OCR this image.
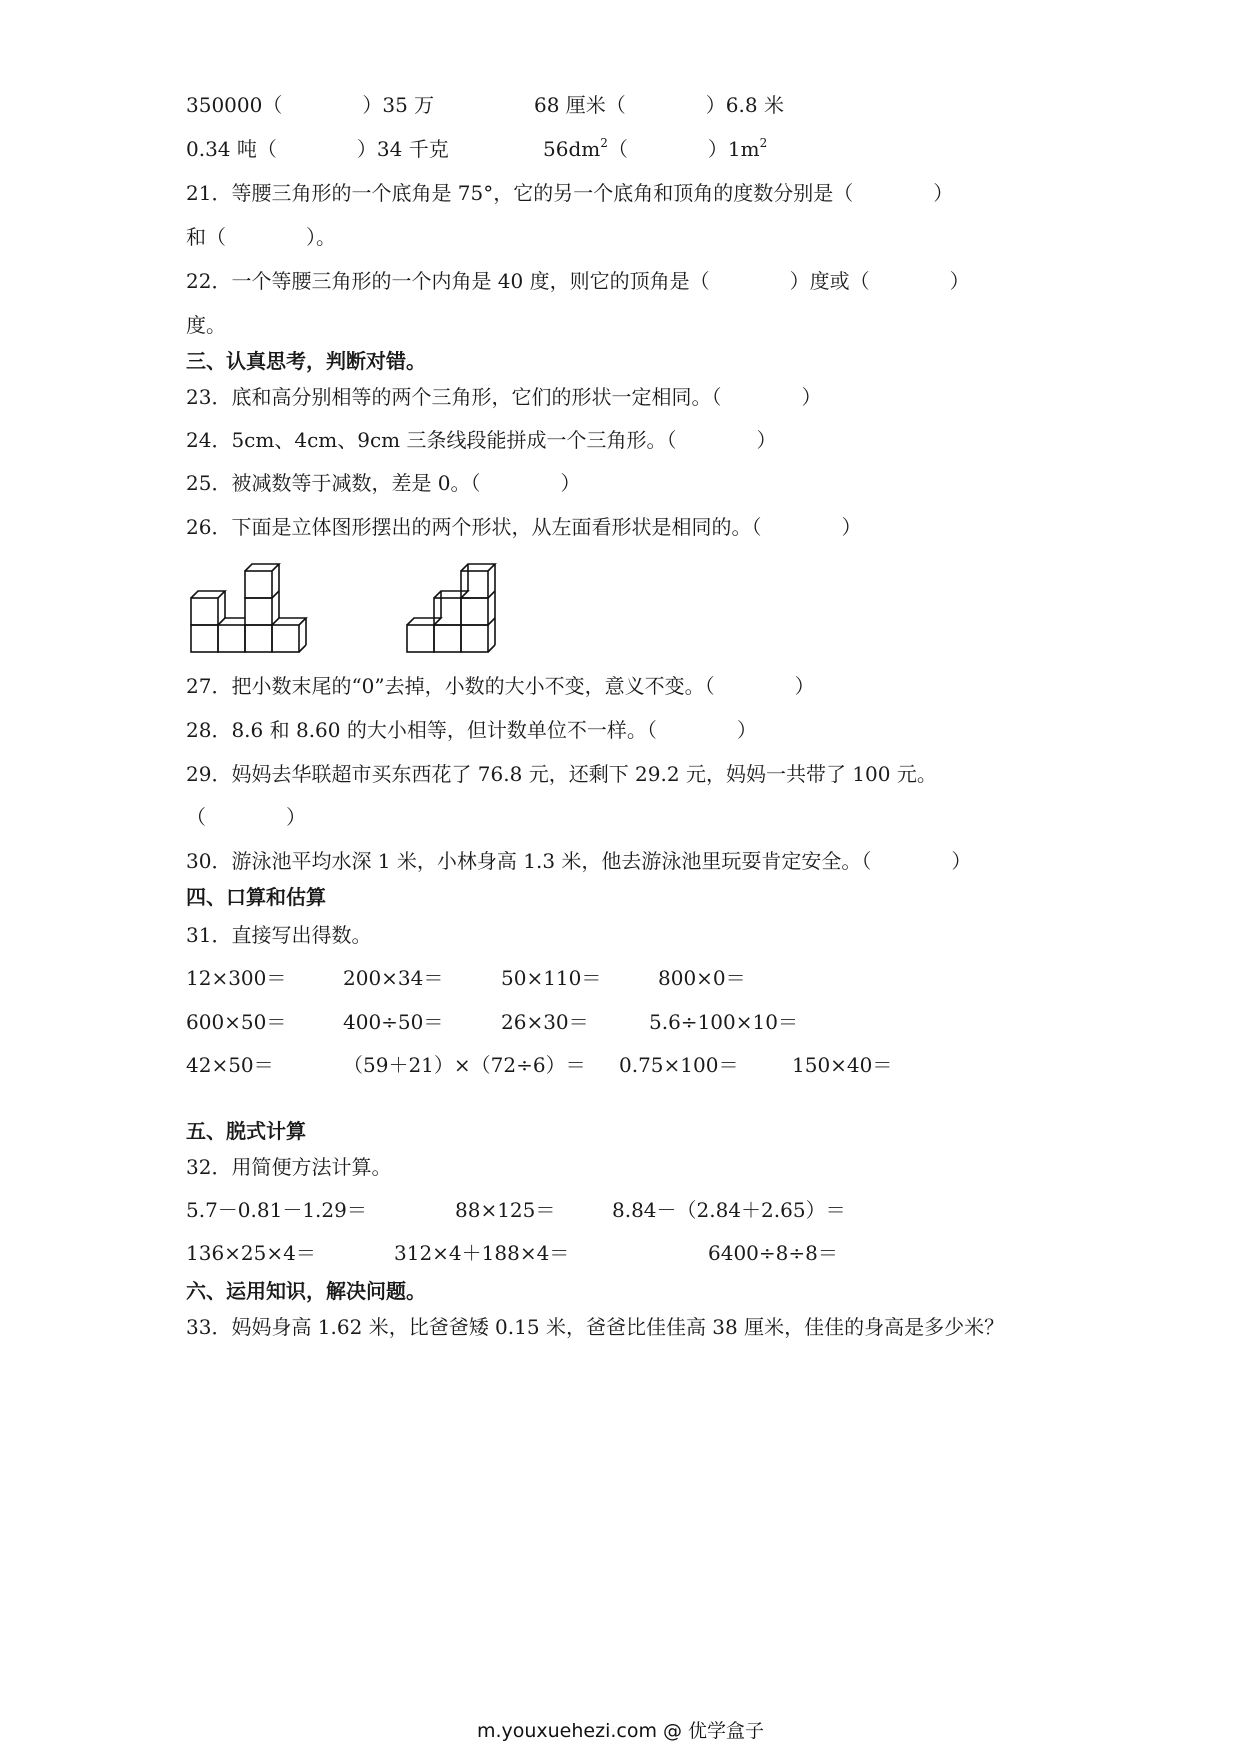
350000（　　　　）35 万	68 厘米（　　　　）6.8 米
0.34 吨（　　　　）34 千克	$56dm^2$（　　　　）$1m^2$
21．等腰三角形的一个底角是 75°，它的另一个底角和顶角的度数分别是（　　　　）
和（　　　　）。
22．一个等腰三角形的一个内角是 40 度，则它的顶角是（　　　　）度或（　　　　）
度。
三、认真思考，判断对错。
23．底和高分别相等的两个三角形，它们的形状一定相同。（　　　　）
24．5cm、4cm、9cm 三条线段能拼成一个三角形。（　　　　）
25．被减数等于减数，差是 0。（　　　　）
26．下面是立体图形摆出的两个形状，从左面看形状是相同的。（　　　　）
27．把小数末尾的“0”去掉，小数的大小不变，意义不变。（　　　　）
28．8.6 和 8.60 的大小相等，但计数单位不一样。（　　　　）
29．妈妈去华联超市买东西花了 76.8 元，还剩下 29.2 元，妈妈一共带了 100 元。
（　　　　）
30．游泳池平均水深 1 米，小林身高 1.3 米，他去游泳池里玩耍肯定安全。（　　　　）
四、口算和估算
31．直接写出得数。
12×300＝	200×34＝	50×110＝	800×0＝
600×50＝	400÷50＝	26×30＝	5.6÷100×10＝
42×50＝	（59＋21）×（72÷6）＝ 0.75×100＝	150×40＝
五、脱式计算
32．用简便方法计算。
5.7－0.81－1.29＝	88×125＝	8.84－（2.84＋2.65）＝
136×25×4＝	312×4＋188×4＝	6400÷8÷8＝
六、运用知识，解决问题。
33．妈妈身高 1.62 米，比爸爸矮 0.15 米，爸爸比佳佳高 38 厘米，佳佳的身高是多少米？
m.youxuehezi.com @ 优学盒子
